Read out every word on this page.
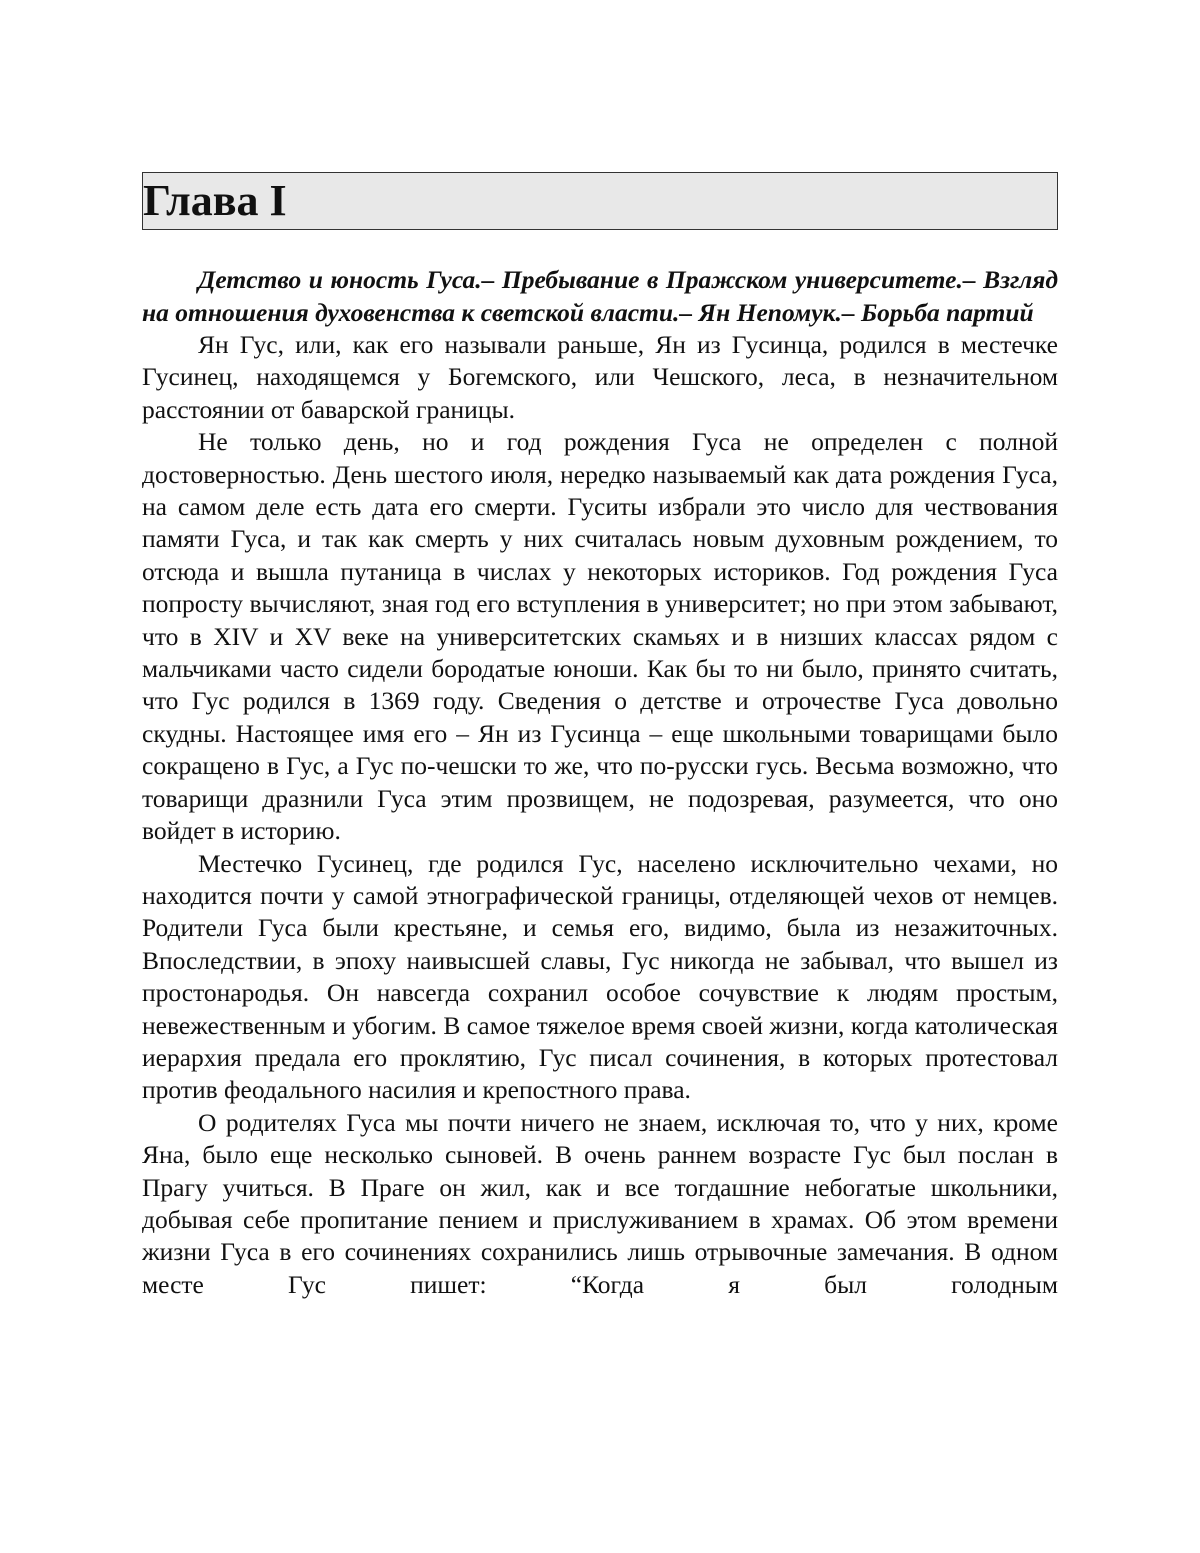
Глава I

Детство и юность Гуса.– Пребывание в Пражском университете.– Взгляд на отношения духовенства к светской власти.– Ян Непомук.– Борьба партий

Ян Гус, или, как его называли раньше, Ян из Гусинца, родился в местечке Гусинец, находящемся у Богемского, или Чешского, леса, в незначительном расстоянии от баварской границы.

Не только день, но и год рождения Гуса не определен с полной достоверностью. День шестого июля, нередко называемый как дата рождения Гуса, на самом деле есть дата его смерти. Гуситы избрали это число для чествования памяти Гуса, и так как смерть у них считалась новым духовным рождением, то отсюда и вышла путаница в числах у некоторых историков. Год рождения Гуса попросту вычисляют, зная год его вступления в университет; но при этом забывают, что в XIV и XV веке на университетских скамьях и в низших классах рядом с мальчиками часто сидели бородатые юноши. Как бы то ни было, принято считать, что Гус родился в 1369 году. Сведения о детстве и отрочестве Гуса довольно скудны. Настоящее имя его – Ян из Гусинца – еще школьными товарищами было сокращено в Гус, а Гус по-чешски то же, что по-русски гусь. Весьма возможно, что товарищи дразнили Гуса этим прозвищем, не подозревая, разумеется, что оно войдет в историю.

Местечко Гусинец, где родился Гус, населено исключительно чехами, но находится почти у самой этнографической границы, отделяющей чехов от немцев. Родители Гуса были крестьяне, и семья его, видимо, была из незажиточных. Впоследствии, в эпоху наивысшей славы, Гус никогда не забывал, что вышел из простонародья. Он навсегда сохранил особое сочувствие к людям простым, невежественным и убогим. В самое тяжелое время своей жизни, когда католическая иерархия предала его проклятию, Гус писал сочинения, в которых протестовал против феодального насилия и крепостного права.

О родителях Гуса мы почти ничего не знаем, исключая то, что у них, кроме Яна, было еще несколько сыновей. В очень раннем возрасте Гус был послан в Прагу учиться. В Праге он жил, как и все тогдашние небогатые школьники, добывая себе пропитание пением и прислуживанием в храмах. Об этом времени жизни Гуса в его сочинениях сохранились лишь отрывочные замечания. В одном месте Гус пишет: “Когда я был голодным
